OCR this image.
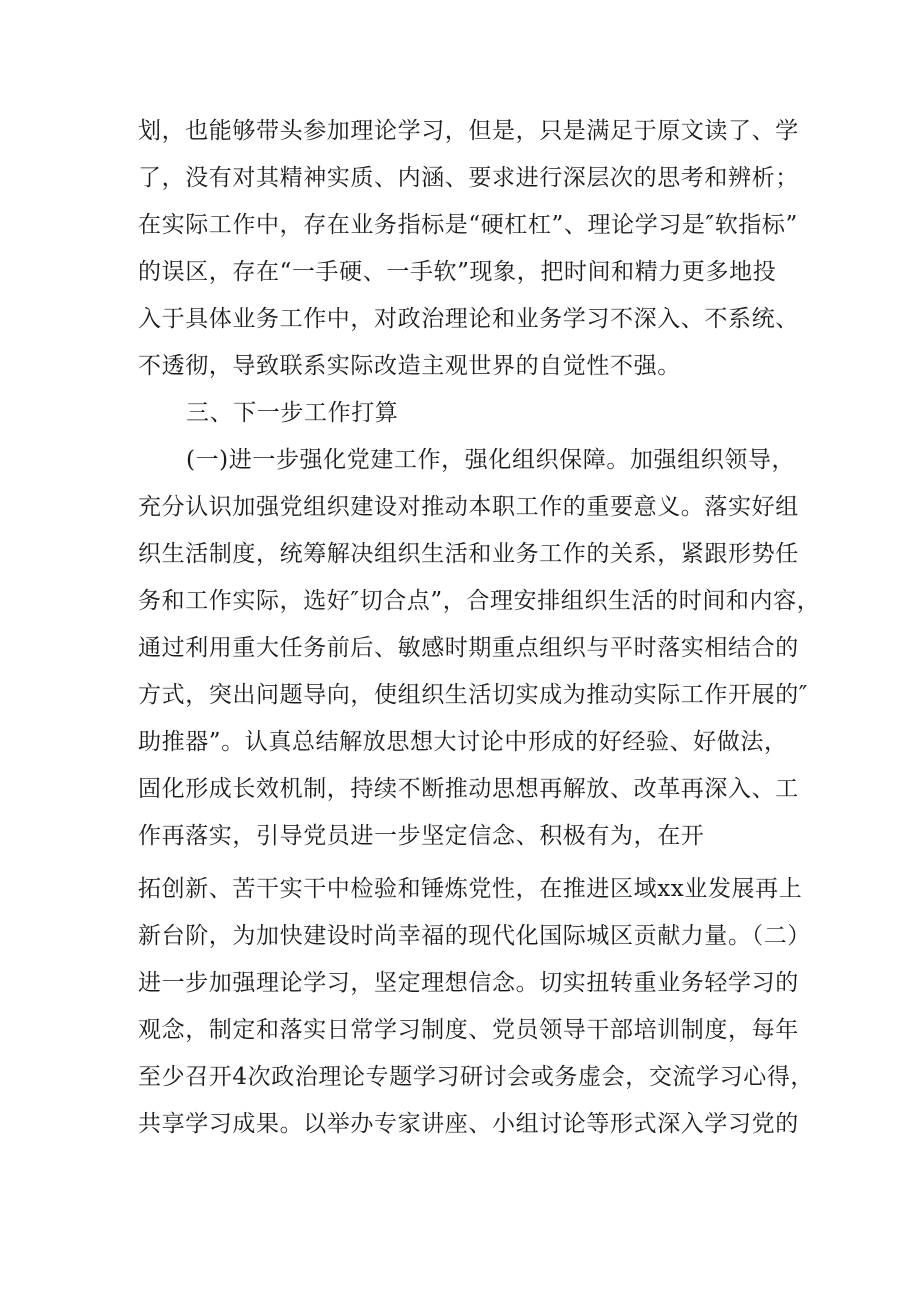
划，也能够带头参加理论学习，但是，只是满足于原文读了、学
了，没有对其精神实质、内涵、要求进行深层次的思考和辨析；
在实际工作中，存在业务指标是“硬杠杠”、理论学习是″软指标”
的误区，存在“一手硬、一手软”现象，把时间和精力更多地投
入于具体业务工作中，对政治理论和业务学习不深入、不系统、
不透彻，导致联系实际改造主观世界的自觉性不强。
三、下一步工作打算
(一)进一步强化党建工作，强化组织保障。加强组织领导，
充分认识加强党组织建设对推动本职工作的重要意义。落实好组
织生活制度，统筹解决组织生活和业务工作的关系，紧跟形势任
务和工作实际，选好″切合点”，合理安排组织生活的时间和内容，
通过利用重大任务前后、敏感时期重点组织与平时落实相结合的
方式，突出问题导向，使组织生活切实成为推动实际工作开展的″
助推器”。认真总结解放思想大讨论中形成的好经验、好做法，
固化形成长效机制，持续不断推动思想再解放、改革再深入、工
作再落实，引导党员进一步坚定信念、积极有为，在开
拓创新、苦干实干中检验和锤炼党性，在推进区域xx业发展再上
新台阶，为加快建设时尚幸福的现代化国际城区贡献力量。（二）
进一步加强理论学习，坚定理想信念。切实扭转重业务轻学习的
观念，制定和落实日常学习制度、党员领导干部培训制度，每年
至少召开4次政治理论专题学习研讨会或务虚会，交流学习心得，
共享学习成果。以举办专家讲座、小组讨论等形式深入学习党的
